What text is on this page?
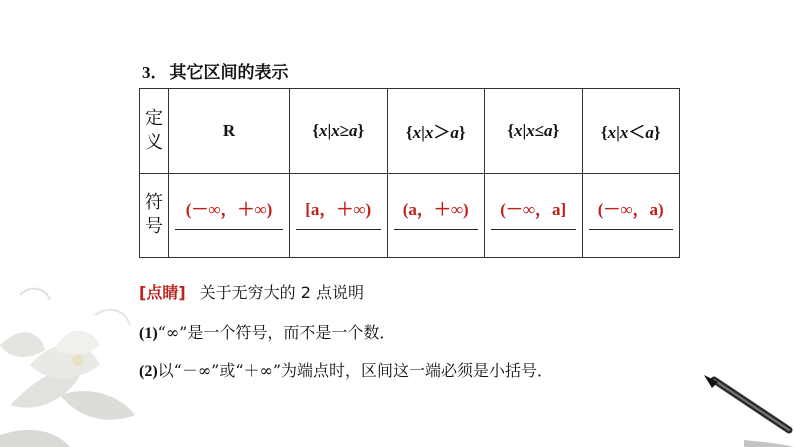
3． 其它区间的表示
定
义	R	{x|x≥a}	{x|x＞a}	{x|x≤a}	{x|x＜a}

符
号	(－∞，＋∞)	[a，＋∞)	(a，＋∞)	(－∞，a]	(－∞，a)
[点睛] 关于无穷大的 2 点说明
(1)“∞”是一个符号，而不是一个数．
(2)以“－∞”或“＋∞”为端点时，区间这一端必须是小括号．
